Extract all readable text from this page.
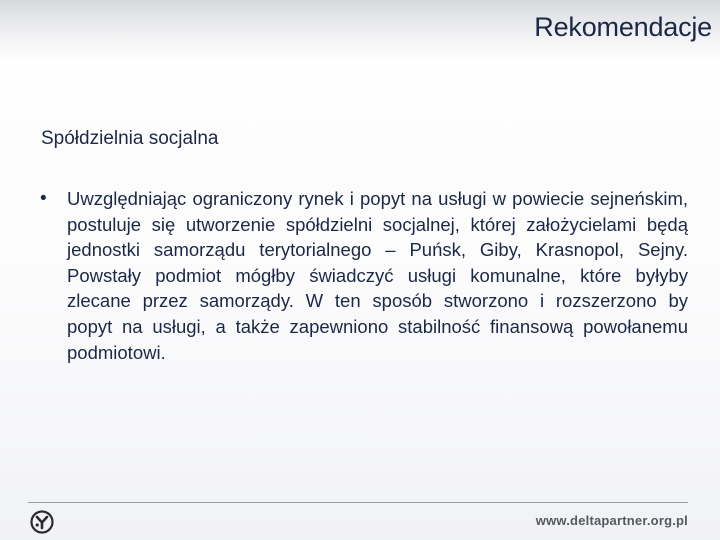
Rekomendacje
Spółdzielnia socjalna
• Uwzględniając ograniczony rynek i popyt na usługi w powiecie sejneńskim, postuluje się utworzenie spółdzielni socjalnej, której założycielami będą jednostki samorządu terytorialnego – Puńsk, Giby, Krasnopol, Sejny. Powstały podmiot mógłby świadczyć usługi komunalne, które byłyby zlecane przez samorządy. W ten sposób stworzono i rozszerzono by popyt na usługi, a także zapewniono stabilność finansową powołanemu podmiotowi.
www.deltapartner.org.pl
